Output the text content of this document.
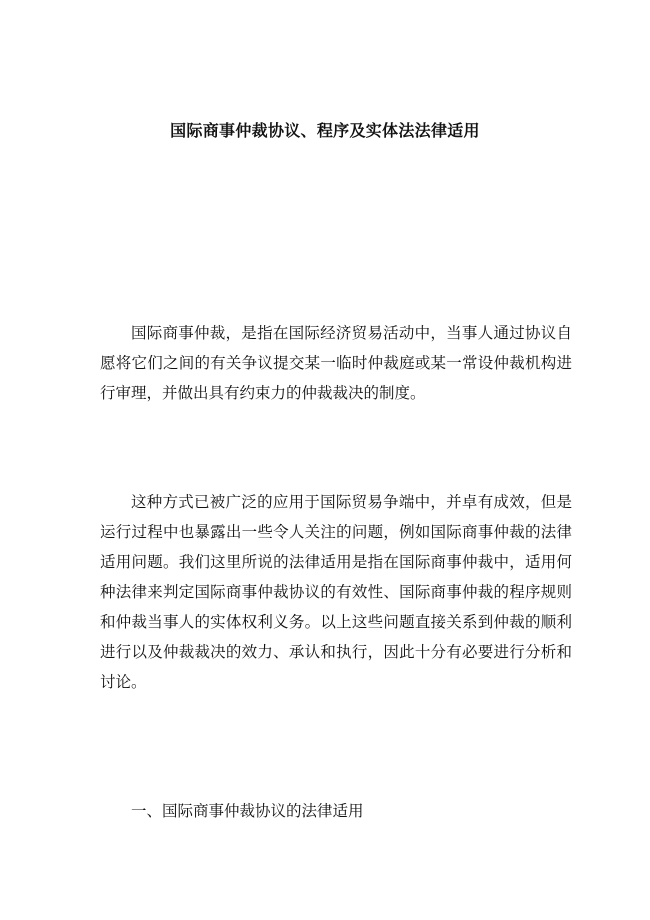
国际商事仲裁协议、程序及实体法法律适用

国际商事仲裁，是指在国际经济贸易活动中，当事人通过协议自愿将它们之间的有关争议提交某一临时仲裁庭或某一常设仲裁机构进行审理，并做出具有约束力的仲裁裁决的制度。

这种方式已被广泛的应用于国际贸易争端中，并卓有成效，但是运行过程中也暴露出一些令人关注的问题，例如国际商事仲裁的法律适用问题。我们这里所说的法律适用是指在国际商事仲裁中，适用何种法律来判定国际商事仲裁协议的有效性、国际商事仲裁的程序规则和仲裁当事人的实体权利义务。以上这些问题直接关系到仲裁的顺利进行以及仲裁裁决的效力、承认和执行，因此十分有必要进行分析和讨论。

一、国际商事仲裁协议的法律适用
